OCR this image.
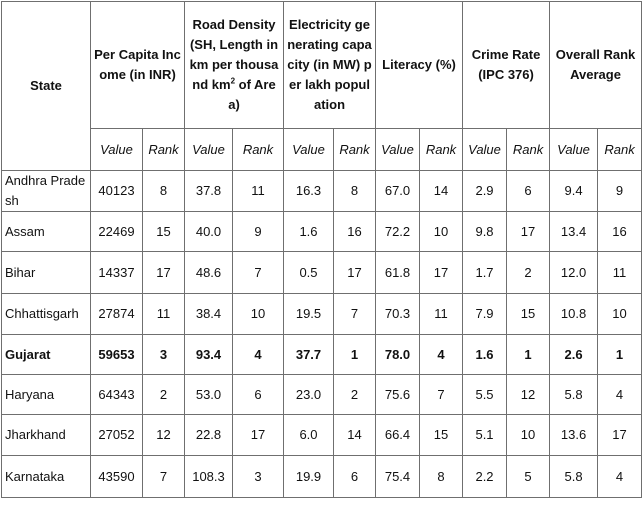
State	Per Capita Income (in INR)		Road Density (SH, Length in km per thousand $km^2$ of Area)		Electricity generating capacity (in MW) per lakh population		Literacy (%)		Crime Rate (IPC 376)		Overall Rank Average	
	Value	Rank	Value	Rank	Value	Rank	Value	Rank	Value	Rank	Value	Rank
Andhra Pradesh	40123	8	37.8	11	16.3	8	67.0	14	2.9	6	9.4	9
Assam	22469	15	40.0	9	1.6	16	72.2	10	9.8	17	13.4	16
Bihar	14337	17	48.6	7	0.5	17	61.8	17	1.7	2	12.0	11
Chhattisgarh	27874	11	38.4	10	19.5	7	70.3	11	7.9	15	10.8	10
Gujarat	59653	3	93.4	4	37.7	1	78.0	4	1.6	1	2.6	1
Haryana	64343	2	53.0	6	23.0	2	75.6	7	5.5	12	5.8	4
Jharkhand	27052	12	22.8	17	6.0	14	66.4	15	5.1	10	13.6	17
Karnataka	43590	7	108.3	3	19.9	6	75.4	8	2.2	5	5.8	4
